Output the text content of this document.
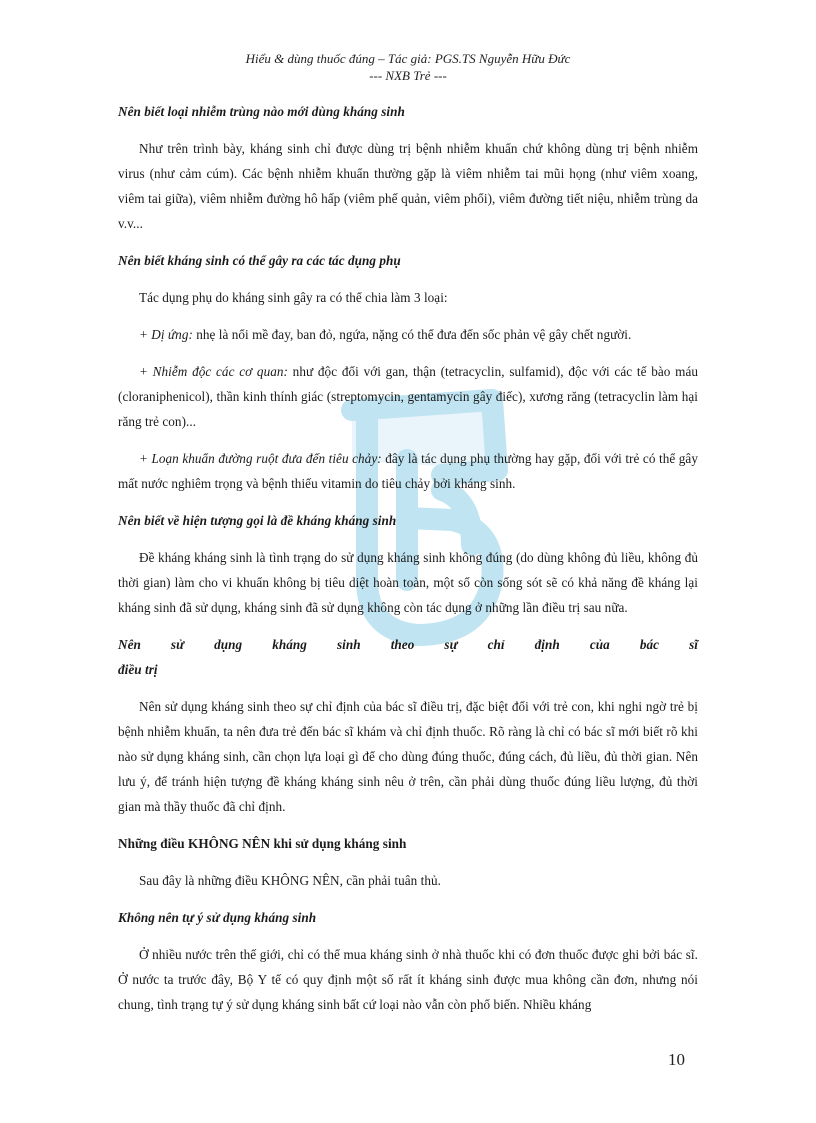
Hiểu & dùng thuốc đúng – Tác giả: PGS.TS Nguyễn Hữu Đức
--- NXB Trẻ ---

Nên biết loại nhiễm trùng nào mới dùng kháng sinh

Như trên trình bày, kháng sinh chỉ được dùng trị bệnh nhiễm khuẩn chứ không dùng trị bệnh nhiễm virus (như cảm cúm). Các bệnh nhiễm khuẩn thường gặp là viêm nhiễm tai mũi họng (như viêm xoang, viêm tai giữa), viêm nhiễm đường hô hấp (viêm phế quản, viêm phổi), viêm đường tiết niệu, nhiễm trùng da v.v...

Nên biết kháng sinh có thể gây ra các tác dụng phụ

Tác dụng phụ do kháng sinh gây ra có thể chia làm 3 loại:

+ Dị ứng: nhẹ là nổi mề đay, ban đỏ, ngứa, nặng có thể đưa đến sốc phản vệ gây chết người.

+ Nhiễm độc các cơ quan: như độc đối với gan, thận (tetracyclin, sulfamid), độc với các tế bào máu (cloraniphenicol), thần kinh thính giác (streptomycin, gentamycin gây điếc), xương răng (tetracyclin làm hại răng trẻ con)...

+ Loạn khuẩn đường ruột đưa đến tiêu chảy: đây là tác dụng phụ thường hay gặp, đối với trẻ có thể gây mất nước nghiêm trọng và bệnh thiếu vitamin do tiêu chảy bởi kháng sinh.

Nên biết về hiện tượng gọi là đề kháng kháng sinh

Đề kháng kháng sinh là tình trạng do sử dụng kháng sinh không đúng (do dùng không đủ liều, không đủ thời gian) làm cho vi khuẩn không bị tiêu diệt hoàn toàn, một số còn sống sót sẽ có khả năng đề kháng lại kháng sinh đã sử dụng, kháng sinh đã sử dụng không còn tác dụng ở những lần điều trị sau nữa.

Nên sử dụng kháng sinh theo sự chỉ định của bác sĩ

điều trị

Nên sử dụng kháng sinh theo sự chỉ định của bác sĩ điều trị, đặc biệt đối với trẻ con, khi nghi ngờ trẻ bị bệnh nhiễm khuẩn, ta nên đưa trẻ đến bác sĩ khám và chỉ định thuốc. Rõ ràng là chỉ có bác sĩ mới biết rõ khi nào sử dụng kháng sinh, cần chọn lựa loại gì để cho dùng đúng thuốc, đúng cách, đủ liều, đủ thời gian. Nên lưu ý, để tránh hiện tượng đề kháng kháng sinh nêu ở trên, cần phải dùng thuốc đúng liều lượng, đủ thời gian mà thầy thuốc đã chỉ định.

Những điều KHÔNG NÊN khi sử dụng kháng sinh

Sau đây là những điều KHÔNG NÊN, cần phải tuân thủ.

Không nên tự ý sử dụng kháng sinh

Ở nhiều nước trên thế giới, chỉ có thể mua kháng sinh ở nhà thuốc khi có đơn thuốc được ghi bởi bác sĩ. Ở nước ta trước đây, Bộ Y tế có quy định một số rất ít kháng sinh được mua không cần đơn, nhưng nói chung, tình trạng tự ý sử dụng kháng sinh bất cứ loại nào vẫn còn phổ biến. Nhiều kháng

10
